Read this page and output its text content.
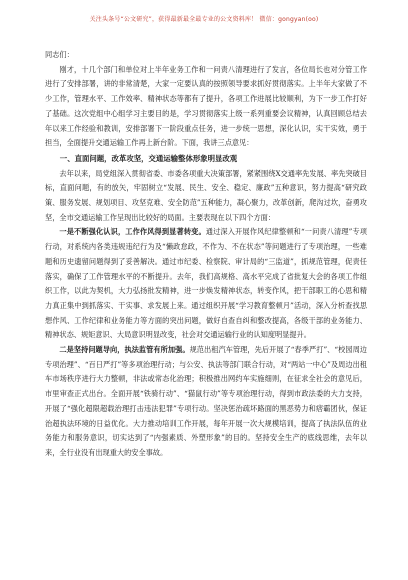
关注头条号“公文研究”，获得最新最全最专业的公文资料库！ 微信：gongyan(oo)

同志们：

刚才，十几个部门和单位对上半年业务工作和一问责八清理进行了发言，各位局长也对分管工作进行了安排部署，讲的非常清楚，大家一定要认真的按照领导要求抓好贯彻落实。上半年大家做了不少工作，管理水平、工作效率、精神状态等都有了提升，各项工作进展比较顺利，为下一步工作打好了基础。这次党组中心组学习主要目的是，学习贯彻落实上级一系列重要会议精神，认真回顾总结去年以来工作经验和教训，安排部署下一阶段重点任务，进一步统一思想，深化认识，实干实效，勇于担当，全面提升交通运输工作再上新台阶。下面，我讲三点意见：

一、直面问题，改革攻坚，交通运输整体形象明显改观

去年以来，局党组深入贯彻省委、市委各项重大决策部署，紧紧围绕X交通率先发展、率先突破目标，直面问题，有的放矢，牢固树立“发展、民生、安全、稳定、廉政”五种意识，努力提高“研究政策、服务发展、规划项目、攻坚克难、安全防范”五种能力，凝心聚力，改革创新，爬沟过坎，奋勇攻坚，全市交通运输工作呈现出比较好的局面。主要表现在以下四个方面：

一是不断强化认识，工作作风得到显著转变。通过深入开展作风纪律整顿和“一问责八清理”专项行动，对系统内各类违规违纪行为及“懒政怠政，不作为、不在状态”等问题进行了专项治理，一些难题和历史遗留问题得到了妥善解决。通过市纪委、检察院、审计局的“三监道”，抓规范管理，促责任落实，确保了工作管理水平的不断提升。去年，我们高规格、高水平完成了省批复大会的各项工作组织工作，以此为契机，大力弘扬批发精神，进一步焕发精神状态，转变作风，把干部职工的心思和精力真正集中到抓落实、干实事、求发展上来。通过组织开展“学习教育整顿月”活动，深入分析查找思想作风、工作纪律和业务能力等方面的突出问题，做好自查自纠和整改提高，各级干部的业务能力、精神状态、规矩意识、大局意识明显改变，社会对交通运输行业的认知度明显提升。

二是坚持问题导向，执法监管有所加强。规范出租汽车管理，先后开展了“春季严打”、“校园周边专项治理”、“百日严打”等多项治理行动；与公安、执法等部门联合行动，对“两站一中心”及周边出租车市场秩序进行大力整顿，非法或常态化治理；积极推出网约车实施细则，在征求全社会的意见后，市里审查正式出台。全面开展“铁骑行动”、“猫鼠行动”等专项治理行动，得到市政法委的大力支持，开展了“强化超限超载治理打击违法犯罪”专项行动。坚决惩治疏坏路面的黑恶势力和痞霸团伙，保证治超执法环境的日益优化。大力推动培训工作开展，每年开展一次大规模培训，提高了执法队伍的业务能力和服务意识，切实达到了“内强素质、外塑形象”的目的。坚持安全生产的底线思维，去年以来，全行业没有出现重大的安全事故。
